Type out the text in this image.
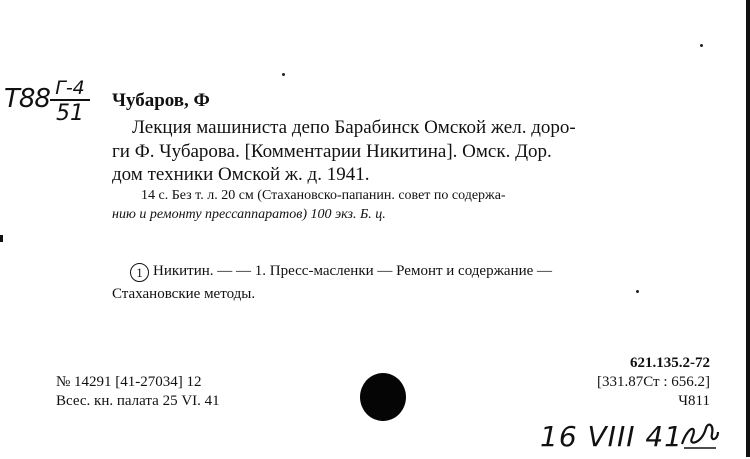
T88 Г-4
51
Чубаров, Ф
Лекция машиниста депо Барабинск Омской жел. доро-
ги Ф. Чубарова. [Комментарии Никитина]. Омск. Дор.
дом техники Омской ж. д. 1941.
14 с. Без т. л. 20 см (Стахановско-папанин. совет по содержа-
нию и ремонту прессаппаратов) 100 экз. Б. ц.
1 Никитин. — — 1. Пресс-масленки — Ремонт и содержание —
Стахановские методы.
621.135.2-72
[331.87Ст : 656.2]
Ч811
№ 14291 [41-27034] 12
Всес. кн. палата 25 VI. 41
16 VIII 41
